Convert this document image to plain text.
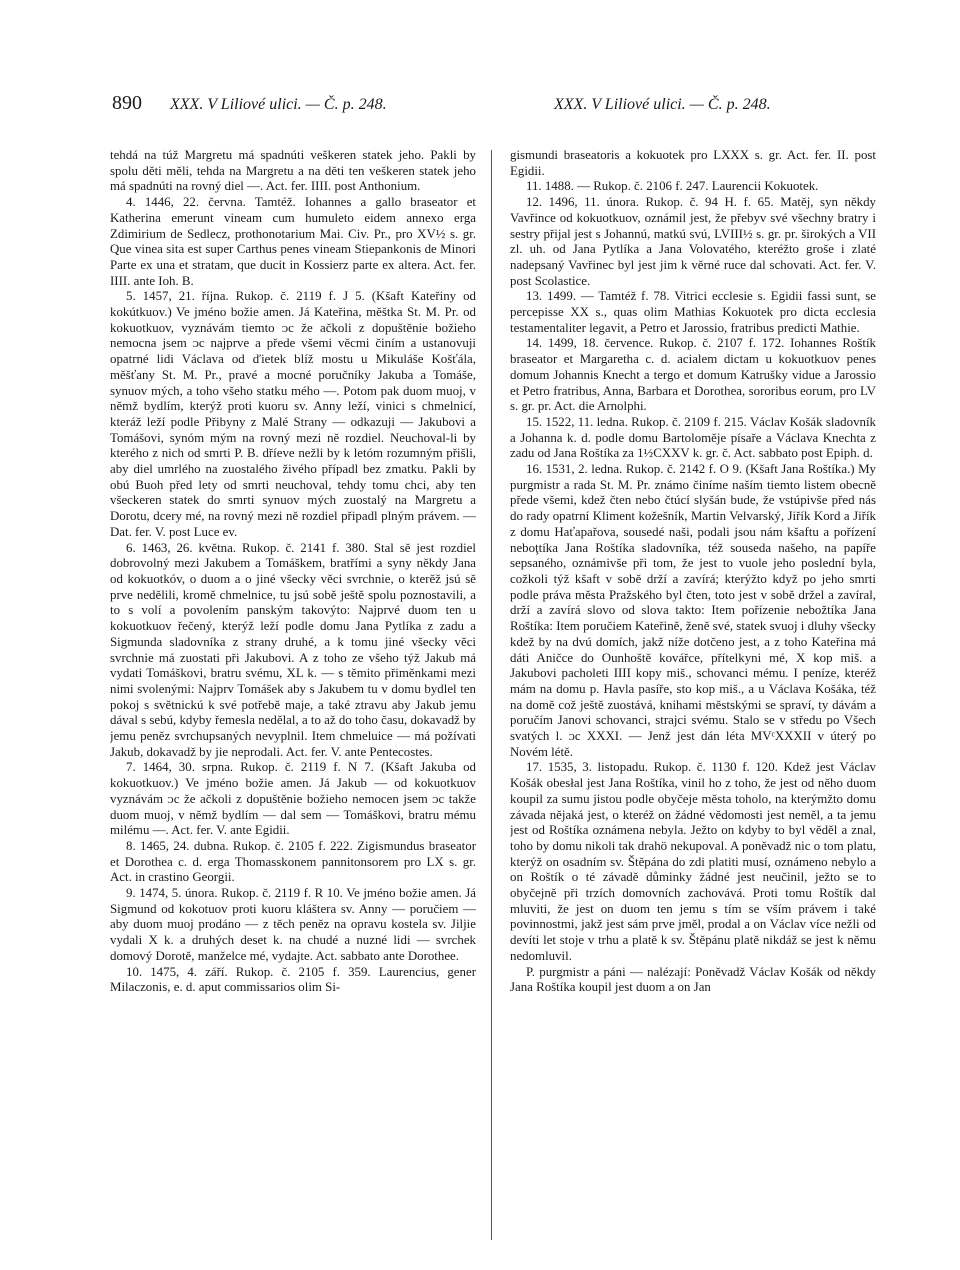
890 XXX. V Liliové ulici. — Č. p. 248.	XXX. V Liliové ulici. — Č. p. 248.

tehdá na túž Margretu má spadnúti veškeren statek jeho. Pakli by spolu děti měli, tehda na Margretu a na děti ten veškeren statek jeho má spadnúti na rovný diel —. Act. fer. IIII. post Anthonium.

4. 1446, 22. června. Tamtéž. Iohannes a gallo braseator et Katherina emerunt vineam cum humuleto eidem annexo erga Zdimirium de Sedlecz, prothonotarium Mai. Civ. Pr., pro XV½ s. gr. Que vinea sita est super Carthus penes vineam Stiepankonis de Minori Parte ex una et stratam, que ducit in Kossierz parte ex altera. Act. fer. IIII. ante Ioh. B.

5. 1457, 21. října. Rukop. č. 2119 f. J 5. (Kšaft Kateřiny od kokútkuov.) Ve jméno božie amen. Já Kateřina, měštka St. M. Pr. od kokuotkuov, vyznávám tiemto ᴐc že ačkoli z dopuštěnie božieho nemocna jsem ᴐc najprve a přede všemi věcmi činím a ustanovuji opatrné lidi Václava od ďietek blíž mostu u Mikuláše Košťála, měšťany St. M. Pr., pravé a mocné poručníky Jakuba a Tomáše, synuov mých, a toho všeho statku mého —. Potom pak duom muoj, v němž bydlím, kterýž proti kuoru sv. Anny leží, vinici s chmelnicí, kteráž leží podle Přibyny z Malé Strany — odkazuji — Jakubovi a Tomášovi, synóm mým na rovný mezi ně rozdiel. Neuchoval-li by kterého z nich od smrti P. B. dříeve nežli by k letóm rozumným přišli, aby diel umrlého na zuostalého živého případl bez zmatku. Pakli by obú Buoh před lety od smrti neuchoval, tehdy tomu chci, aby ten všeckeren statek do smrti synuov mých zuostalý na Margretu a Dorotu, dcery mé, na rovný mezi ně rozdiel připadl plným právem. — Dat. fer. V. post Luce ev.

6. 1463, 26. května. Rukop. č. 2141 f. 380. Stal sě jest rozdiel dobrovolný mezi Jakubem a Tomáškem, bratřími a syny někdy Jana od kokuotkóv, o duom a o jiné všecky věci svrchnie, o kterěž jsú sě prve nedělili, kromě chmelnice, tu jsú sobě ještě spolu poznostavili, a to s volí a povolením panským takovýto: Najprvé duom ten u kokuotkuov řečený, kterýž leží podle domu Jana Pytlíka z zadu a Sigmunda sladovníka z strany druhé, a k tomu jiné všecky věci svrchnie má zuostati při Jakubovi. A z toho ze všeho týž Jakub má vydati Tomáškovi, bratru svému, XL k. — s těmito přiměnkami mezi nimi svolenými: Najprv Tomášek aby s Jakubem tu v domu bydlel ten pokoj s světnickú k své potřebě maje, a také ztravu aby Jakub jemu dával s sebú, kdyby řemesla nedělal, a to až do toho času, dokavadž by jemu peněz svrchupsaných nevyplnil. Item chmeluice — má požívati Jakub, dokavadž by jie neprodali. Act. fer. V. ante Pentecostes.

7. 1464, 30. srpna. Rukop. č. 2119 f. N 7. (Kšaft Jakuba od kokuotkuov.) Ve jméno božie amen. Já Jakub — od kokuotkuov vyznávám ᴐc že ačkoli z dopuštěnie božieho nemocen jsem ᴐc takže duom muoj, v němž bydlím — dal sem — Tomáškovi, bratru mému milému —. Act. fer. V. ante Egidii.

8. 1465, 24. dubna. Rukop. č. 2105 f. 222. Zigismundus braseator et Dorothea c. d. erga Thomasskonem pannitonsorem pro LX s. gr. Act. in crastino Georgii.

9. 1474, 5. února. Rukop. č. 2119 f. R 10. Ve jméno božie amen. Já Sigmund od kokotuov proti kuoru kláštera sv. Anny — poručiem — aby duom muoj prodáno — z těch peněz na opravu kostela sv. Jiljie vydali X k. a druhých deset k. na chudé a nuzné lidi — svrchek domový Dorotě, manželce mé, vydajte. Act. sabbato ante Dorothee.

10. 1475, 4. září. Rukop. č. 2105 f. 359. Laurencius, gener Milaczonis, e. d. aput commissarios olim Si-

gismundi braseatoris a kokuotek pro LXXX s. gr. Act. fer. II. post Egidii.

11. 1488. — Rukop. č. 2106 f. 247. Laurencii Kokuotek.

12. 1496, 11. února. Rukop. č. 94 H. f. 65. Matěj, syn někdy Vavřince od kokuotkuov, oznámil jest, že přebyv své všechny bratry i sestry přijal jest s Johannú, matkú svú, LVIII½ s. gr. pr. širokých a VII zl. uh. od Jana Pytlíka a Jana Volovatého, kteréžto groše i zlaté nadepsaný Vavřinec byl jest jim k věrné ruce dal schovati. Act. fer. V. post Scolastice.

13. 1499. — Tamtéž f. 78. Vitrici ecclesie s. Egidii fassi sunt, se percepisse XX s., quas olim Mathias Kokuotek pro dicta ecclesia testamentaliter legavit, a Petro et Jarossio, fratribus predicti Mathie.

14. 1499, 18. července. Rukop. č. 2107 f. 172. Iohannes Roštík braseator et Margaretha c. d. acialem dictam u kokuotkuov penes domum Johannis Knecht a tergo et domum Katrušky vidue a Jarossio et Petro fratribus, Anna, Barbara et Dorothea, sororibus eorum, pro LV s. gr. pr. Act. die Arnolphi.

15. 1522, 11. ledna. Rukop. č. 2109 f. 215. Václav Košák sladovník a Johanna k. d. podle domu Bartoloměje písaře a Václava Knechta z zadu od Jana Roštíka za 1½CXXV k. gr. č. Act. sabbato post Epiph. d.

16. 1531, 2. ledna. Rukop. č. 2142 f. O 9. (Kšaft Jana Roštíka.) My purgmistr a rada St. M. Pr. známo činíme naším tiemto listem obecně přede všemi, kdež čten nebo čtúcí slyšán bude, že vstúpivše před nás do rady opatrní Kliment kožešník, Martin Velvarský, Jiřík Kord a Jiřík z domu Haťapařova, sousedé naši, podali jsou nám kšaftu a pořízení neboţtíka Jana Roštíka sladovníka, též souseda našeho, na papíře sepsaného, oznámivše při tom, že jest to vuole jeho poslední byla, cožkoli týž kšaft v sobě drží a zavírá; kterýžto když po jeho smrti podle práva města Pražského byl čten, toto jest v sobě držel a zavíral, drží a zavírá slovo od slova takto: Item pořízenie nebožtíka Jana Roštíka: Item poručiem Kateřině, ženě své, statek svuoj i dluhy všecky kdež by na dvú domích, jakž níže dotčeno jest, a z toho Kateřina má dáti Aničce do Ounhoště kovářce, přítelkyni mé, X kop miš. a Jakubovi pacholeti IIII kopy miš., schovanci mému. I peníze, kteréž mám na domu p. Havla pasíře, sto kop miš., a u Václava Košáka, též na domě což ještě zuostává, knihami městskými se spraví, ty dávám a poručím Janovi schovanci, strajci svému. Stalo se v středu po Všech svatých l. ᴐc XXXI. — Jenž jest dán léta MVᶜXXXII v úterý po Novém létě.

17. 1535, 3. listopadu. Rukop. č. 1130 f. 120. Kdež jest Václav Košák obesłal jest Jana Roštíka, vinil ho z toho, že jest od něho duom koupil za sumu jistou podle obyčeje města toholo, na kterýmžto domu závada nějaká jest, o kteréž on žádné vědomosti jest neměl, a ta jemu jest od Roštíka oznámena nebyla. Ježto on kdyby to byl věděl a znal, toho by domu nikoli tak drahö nekupoval. A poněvadž nic o tom platu, kterýž on osadním sv. Štěpána do zdi platiti musí, oznámeno nebylo a on Roštík o té závadě důminky žádné jest neučinil, ježto se to obyčejně při trzích domovních zachovává. Proti tomu Roštík dal mluviti, že jest on duom ten jemu s tím se vším právem i také povinnostmi, jakž jest sám prve jměl, prodal a on Václav více nežli od devíti let stoje v trhu a platě k sv. Štěpánu platě nikdáž se jest k němu nedomluvil.

P. purgmistr a páni — nalézají: Poněvadž Václav Košák od někdy Jana Roštíka koupil jest duom a on Jan
